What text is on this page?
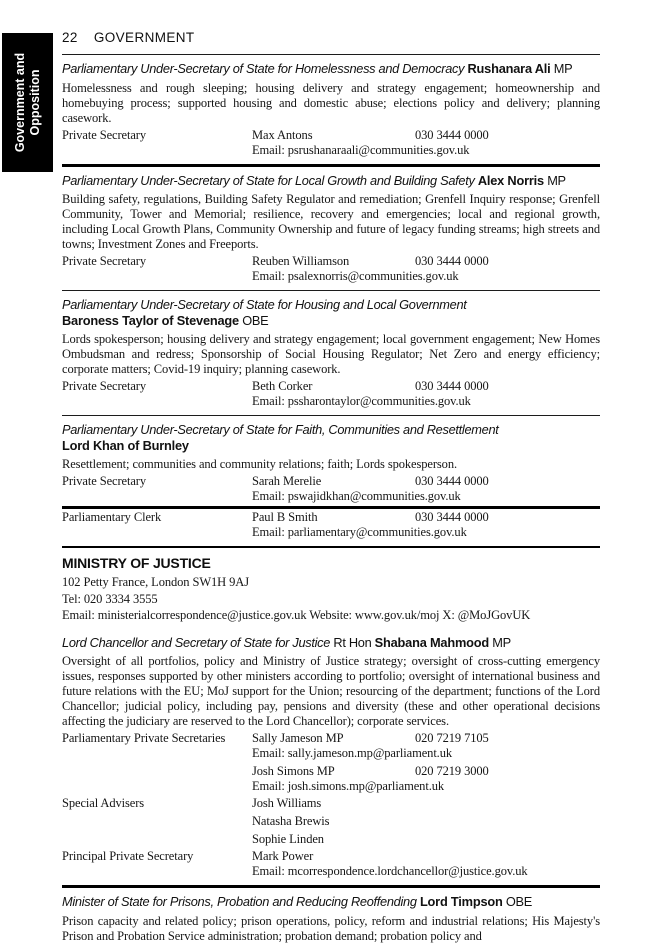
Government and Opposition
22 GOVERNMENT

Parliamentary Under-Secretary of State for Homelessness and Democracy Rushanara Ali MP

Homelessness and rough sleeping; housing delivery and strategy engagement; homeownership and homebuying process; supported housing and domestic abuse; elections policy and delivery; planning casework.

Private Secretary	Max Antons	030 3444 0000
Email: psrushanaraali@communities.gov.uk

Parliamentary Under-Secretary of State for Local Growth and Building Safety Alex Norris MP

Building safety, regulations, Building Safety Regulator and remediation; Grenfell Inquiry response; Grenfell Community, Tower and Memorial; resilience, recovery and emergencies; local and regional growth, including Local Growth Plans, Community Ownership and future of legacy funding streams; high streets and towns; Investment Zones and Freeports.

Private Secretary	Reuben Williamson	030 3444 0000
Email: psalexnorris@communities.gov.uk

Parliamentary Under-Secretary of State for Housing and Local Government
Baroness Taylor of Stevenage OBE

Lords spokesperson; housing delivery and strategy engagement; local government engagement; New Homes Ombudsman and redress; Sponsorship of Social Housing Regulator; Net Zero and energy efficiency; corporate matters; Covid-19 inquiry; planning casework.

Private Secretary	Beth Corker	030 3444 0000
Email: pssharontaylor@communities.gov.uk

Parliamentary Under-Secretary of State for Faith, Communities and Resettlement
Lord Khan of Burnley

Resettlement; communities and community relations; faith; Lords spokesperson.

Private Secretary	Sarah Merelie	030 3444 0000
Email: pswajidkhan@communities.gov.uk
Parliamentary Clerk	Paul B Smith	030 3444 0000
Email: parliamentary@communities.gov.uk
MINISTRY OF JUSTICE
102 Petty France, London SW1H 9AJ
Tel: 020 3334 3555
Email: ministerialcorrespondence@justice.gov.uk Website: www.gov.uk/moj X: @MoJGovUK

Lord Chancellor and Secretary of State for Justice Rt Hon Shabana Mahmood MP

Oversight of all portfolios, policy and Ministry of Justice strategy; oversight of cross-cutting emergency issues, responses supported by other ministers according to portfolio; oversight of international business and future relations with the EU; MoJ support for the Union; resourcing of the department; functions of the Lord Chancellor; judicial policy, including pay, pensions and diversity (these and other operational decisions affecting the judiciary are reserved to the Lord Chancellor); corporate services.

Parliamentary Private Secretaries	Sally Jameson MP	020 7219 7105
Email: sally.jameson.mp@parliament.uk
Josh Simons MP	020 7219 3000
Email: josh.simons.mp@parliament.uk
Special Advisers	Josh Williams
Natasha Brewis
Sophie Linden
Principal Private Secretary	Mark Power
Email: mcorrespondence.lordchancellor@justice.gov.uk

Minister of State for Prisons, Probation and Reducing Reoffending Lord Timpson OBE

Prison capacity and related policy; prison operations, policy, reform and industrial relations; His Majesty's Prison and Probation Service administration; probation demand; probation policy and
